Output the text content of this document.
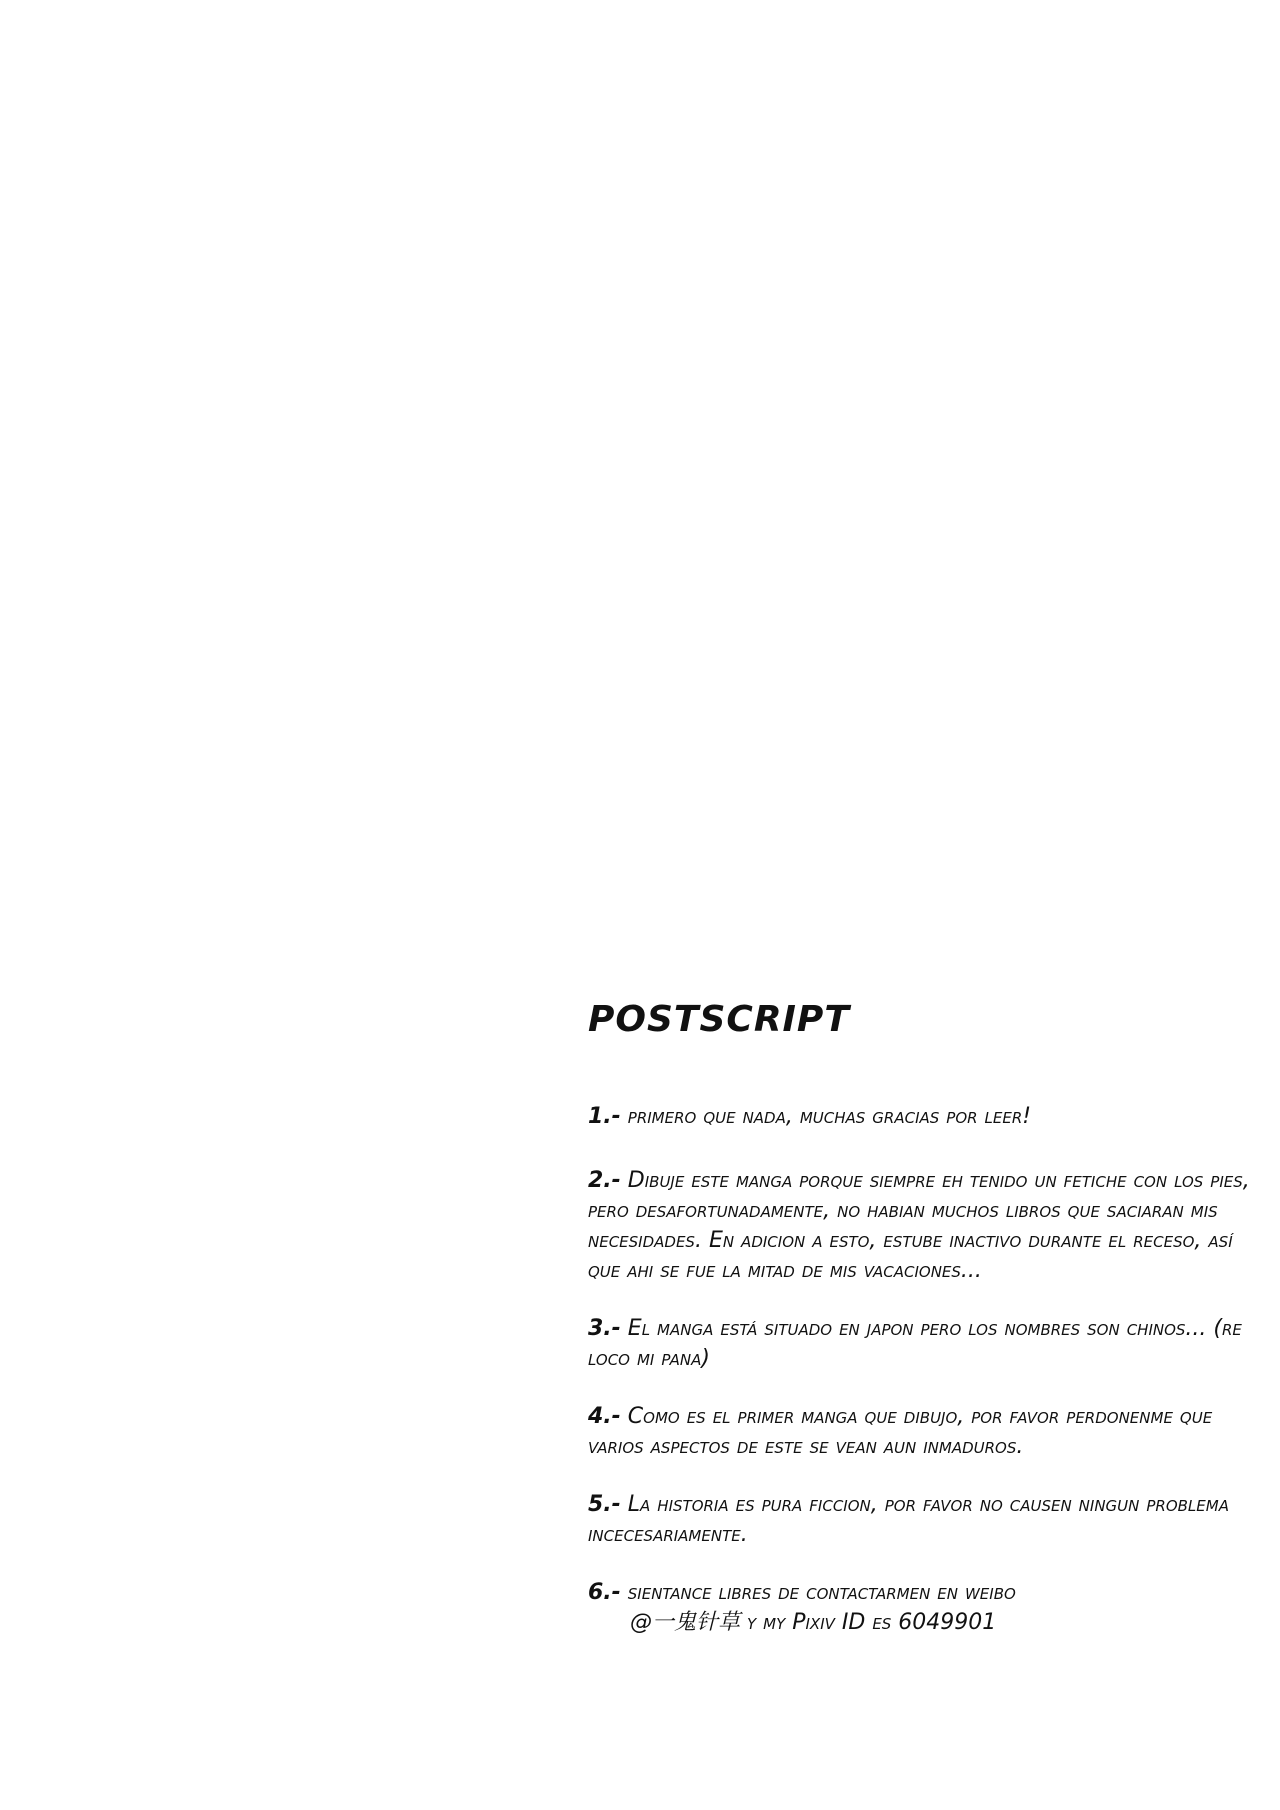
POSTSCRIPT

1.- primero que nada, muchas gracias por leer!

2.- Dibuje este manga porque siempre eh tenido un fetiche con los pies, pero desafortunadamente, no habian muchos libros que saciaran mis necesidades. En adicion a esto, estube inactivo durante el receso, así que ahi se fue la mitad de mis vacaciones...

3.- El manga está situado en japon pero los nombres son chinos... (re loco mi pana)

4.- Como es el primer manga que dibujo, por favor perdonenme que varios aspectos de este se vean aun inmaduros.

5.- La historia es pura ficcion, por favor no causen ningun problema incecesariamente.

6.- sientance libres de contactarmen en weibo
@一鬼针草 y my Pixiv ID es 6049901
